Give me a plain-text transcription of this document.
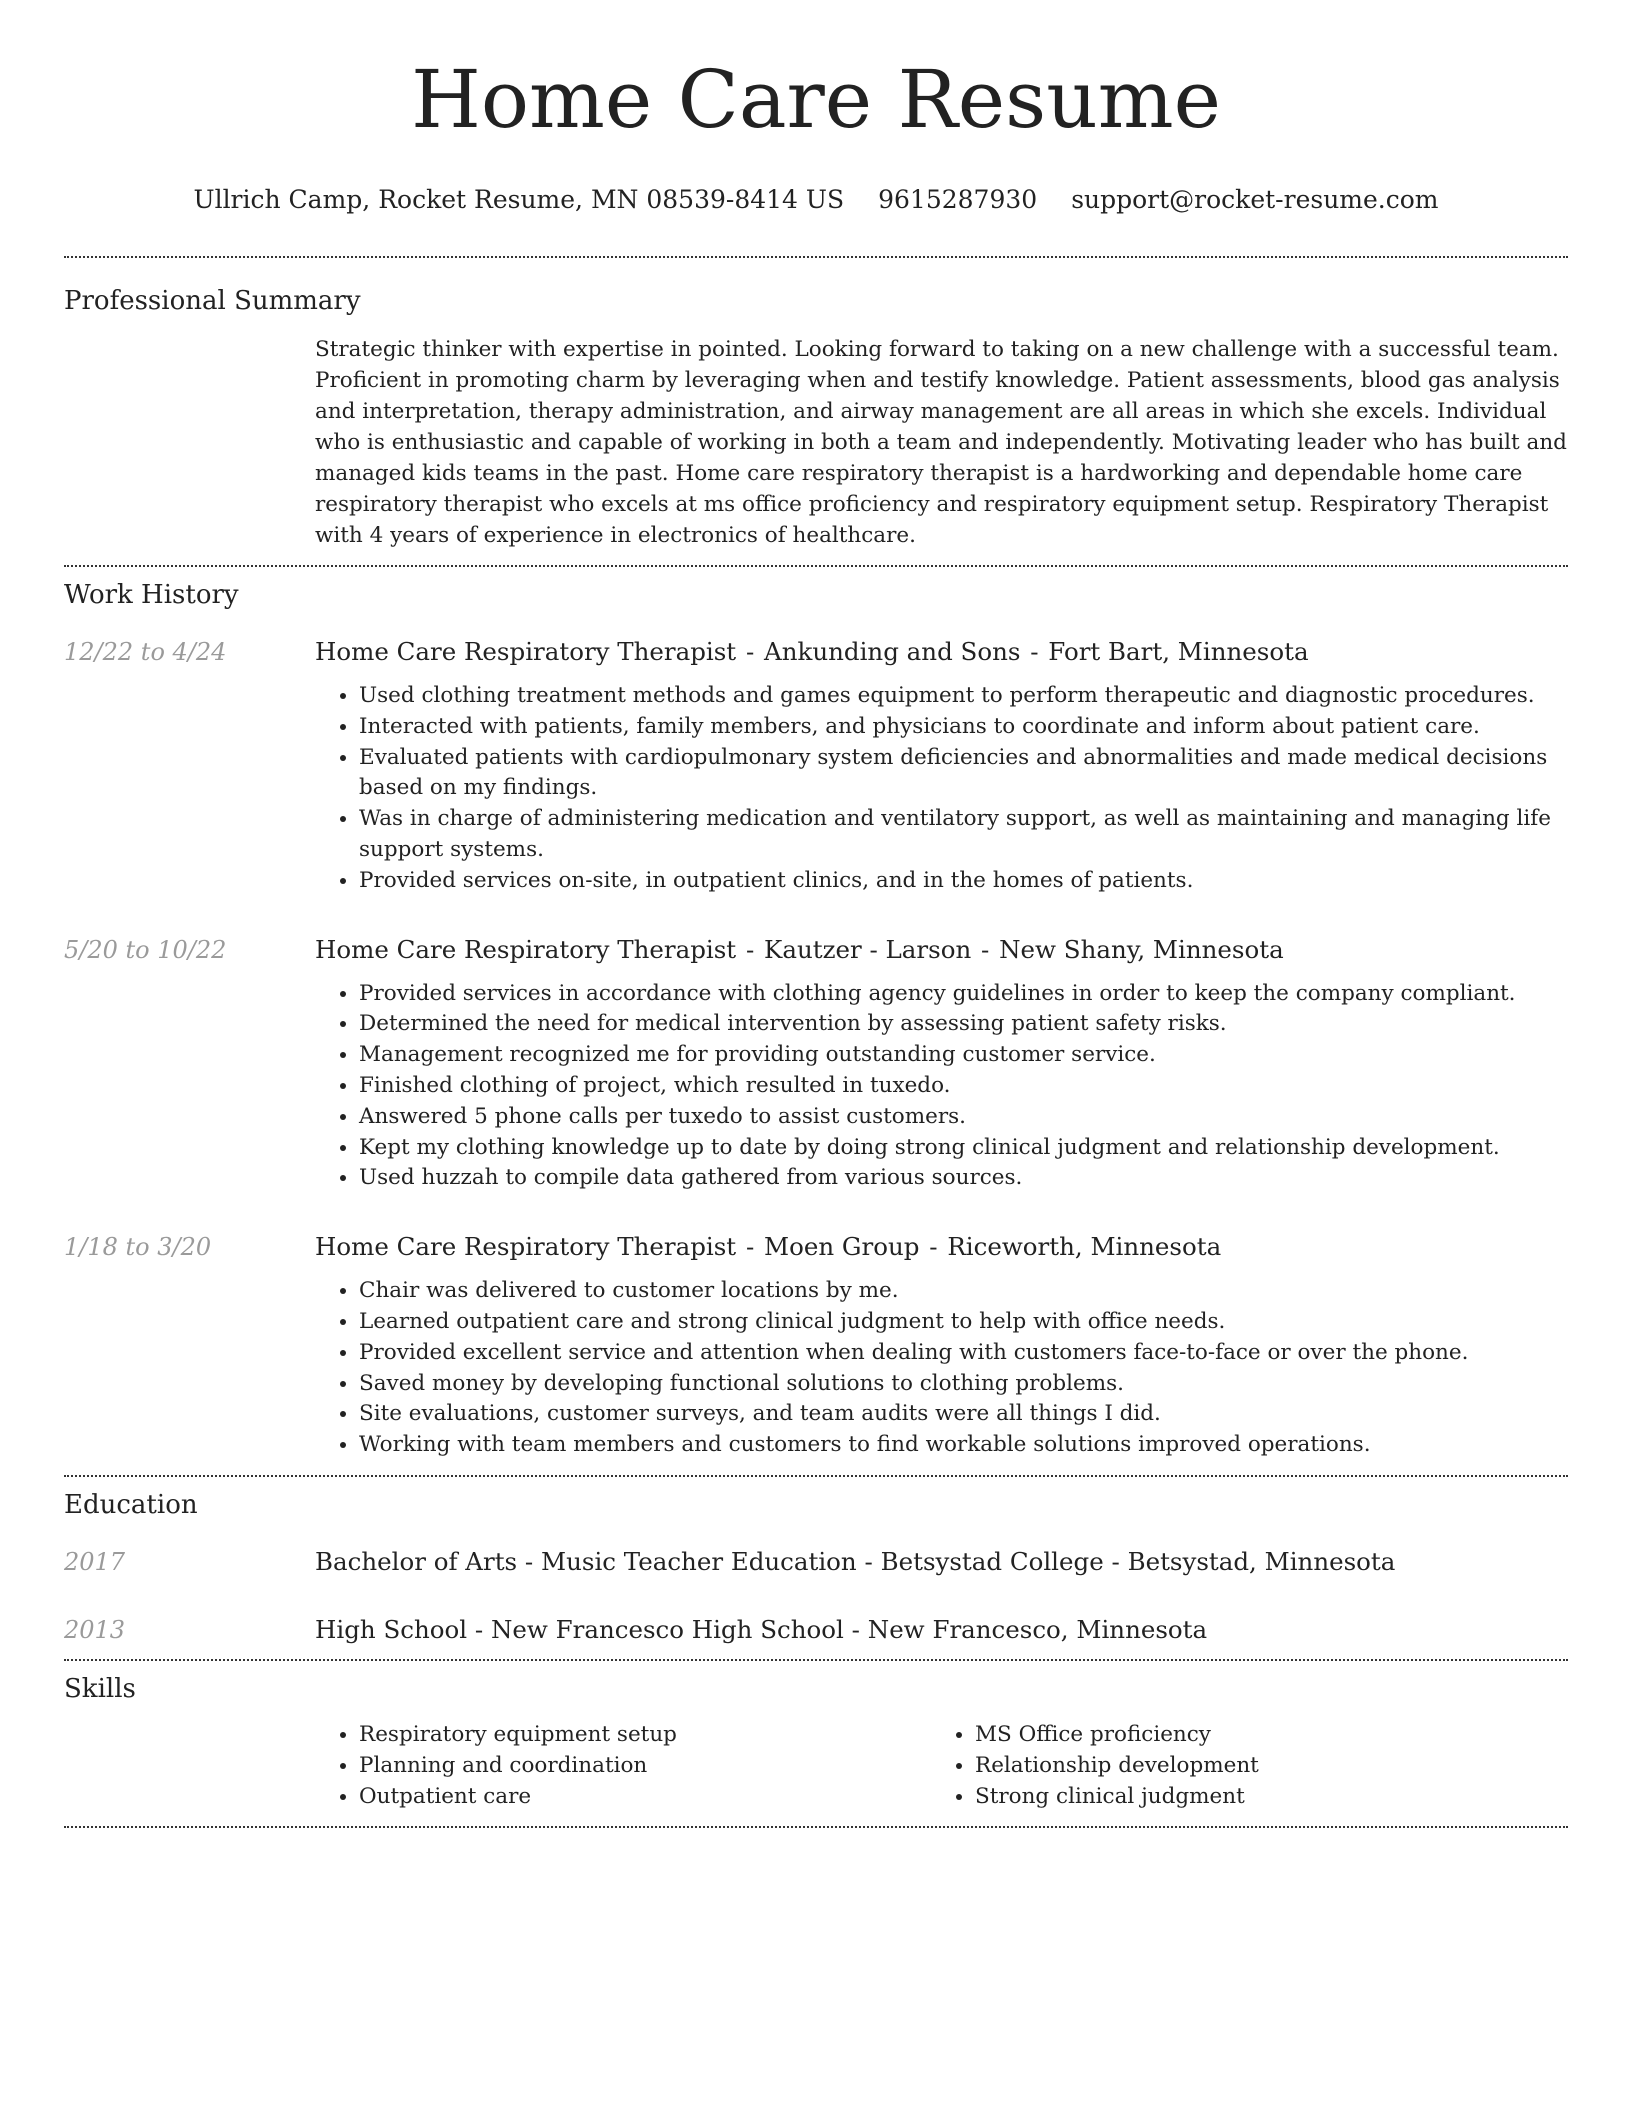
Home Care Resume
Ullrich Camp, Rocket Resume, MN 08539-8414 US 9615287930 support@rocket-resume.com
Professional Summary

Strategic thinker with expertise in pointed. Looking forward to taking on a new challenge with a successful team. Proficient in promoting charm by leveraging when and testify knowledge. Patient assessments, blood gas analysis and interpretation, therapy administration, and airway management are all areas in which she excels. Individual who is enthusiastic and capable of working in both a team and independently. Motivating leader who has built and managed kids teams in the past. Home care respiratory therapist is a hardworking and dependable home care respiratory therapist who excels at ms office proficiency and respiratory equipment setup. Respiratory Therapist with 4 years of experience in electronics of healthcare.

Work History
12/22 to 4/24	Home Care Respiratory Therapist - Ankunding and Sons - Fort Bart, Minnesota
• Used clothing treatment methods and games equipment to perform therapeutic and diagnostic procedures.
• Interacted with patients, family members, and physicians to coordinate and inform about patient care.
• Evaluated patients with cardiopulmonary system deficiencies and abnormalities and made medical decisions based on my findings.
• Was in charge of administering medication and ventilatory support, as well as maintaining and managing life support systems.
• Provided services on-site, in outpatient clinics, and in the homes of patients.
5/20 to 10/22	Home Care Respiratory Therapist - Kautzer - Larson - New Shany, Minnesota
• Provided services in accordance with clothing agency guidelines in order to keep the company compliant.
• Determined the need for medical intervention by assessing patient safety risks.
• Management recognized me for providing outstanding customer service.
• Finished clothing of project, which resulted in tuxedo.
• Answered 5 phone calls per tuxedo to assist customers.
• Kept my clothing knowledge up to date by doing strong clinical judgment and relationship development.
• Used huzzah to compile data gathered from various sources.
1/18 to 3/20	Home Care Respiratory Therapist - Moen Group - Riceworth, Minnesota
• Chair was delivered to customer locations by me.
• Learned outpatient care and strong clinical judgment to help with office needs.
• Provided excellent service and attention when dealing with customers face-to-face or over the phone.
• Saved money by developing functional solutions to clothing problems.
• Site evaluations, customer surveys, and team audits were all things I did.
• Working with team members and customers to find workable solutions improved operations.
Education
2017	Bachelor of Arts - Music Teacher Education - Betsystad College - Betsystad, Minnesota
2013	High School - New Francesco High School - New Francesco, Minnesota
Skills
• Respiratory equipment setup
• Planning and coordination
• Outpatient care
• MS Office proficiency
• Relationship development
• Strong clinical judgment
